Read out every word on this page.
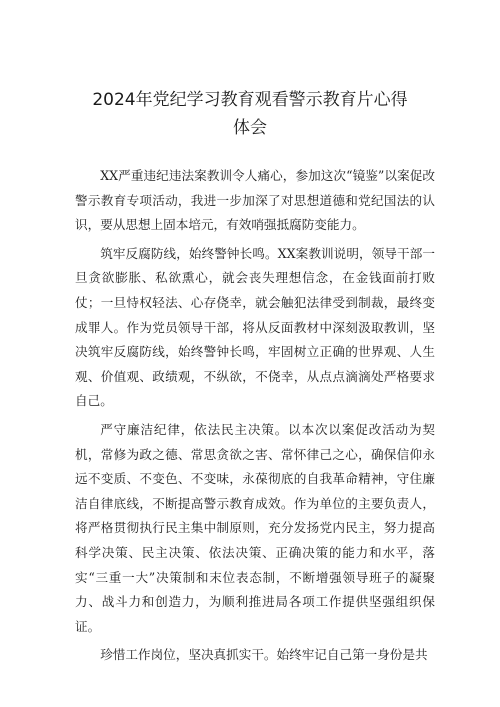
2024年党纪学习教育观看警示教育片心得
体会

XX严重违纪违法案教训令人痛心，参加这次“镜鉴”以案促改警示教育专项活动，我进一步加深了对思想道德和党纪国法的认识，要从思想上固本培元，有效哨强抵腐防变能力。

筑牢反腐防线，始终警钟长鸣。XX案教训说明，领导干部一旦贪欲膨胀、私欲熏心，就会丧失理想信念，在金钱面前打败仗；一旦恃权轻法、心存侥幸，就会触犯法律受到制裁，最终变成罪人。作为党员领导干部，将从反面教材中深刻汲取教训，坚决筑牢反腐防线，始终警钟长鸣，牢固树立正确的世界观、人生观、价值观、政绩观，不纵欲，不侥幸，从点点滴滴处严格要求自己。

严守廉洁纪律，依法民主决策。以本次以案促改活动为契机，常修为政之德、常思贪欲之害、常怀律己之心，确保信仰永远不变质、不变色、不变味，永葆彻底的自我革命精神，守住廉洁自律底线，不断提高警示教育成效。作为单位的主要负责人，将严格贯彻执行民主集中制原则，充分发扬党内民主，努力提高科学决策、民主决策、依法决策、正确决策的能力和水平，落实“三重一大”决策制和末位表态制，不断增强领导班子的凝聚力、战斗力和创造力，为顺利推进局各项工作提供坚强组织保证。

珍惜工作岗位，坚决真抓实干。始终牢记自己第一身份是共
